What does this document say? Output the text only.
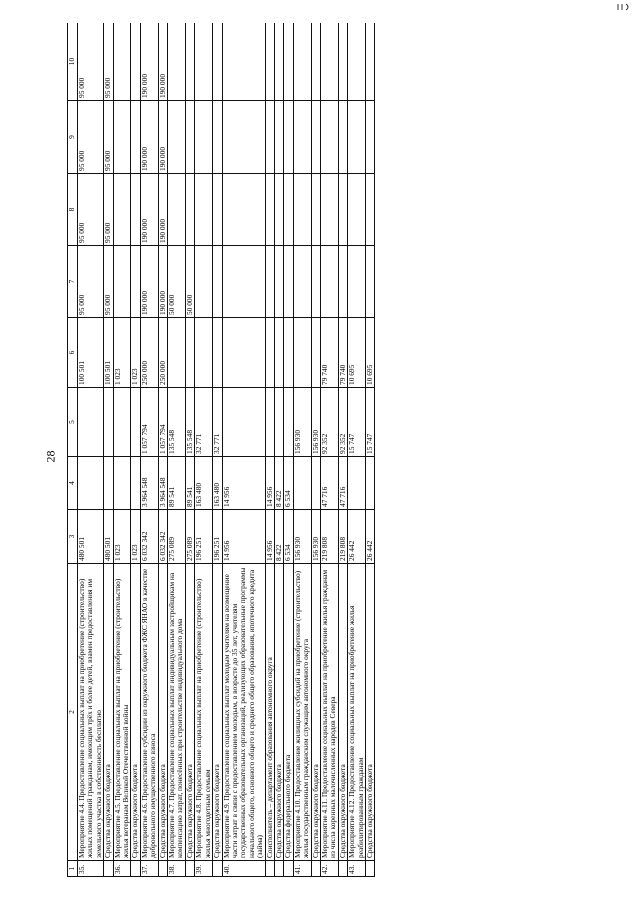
28
1	2	3	4	5	6	7	8	9	10
35.	Мероприятие 4.4. Предоставление социальных выплат на приобретение (строительство) жилых помещений гражданам, имеющим трёх и более детей, взамен предоставления им земельного участка в собственность бесплатно	480 501			100 501	95 000	95 000	95 000	95 000
	Средства окружного бюджета	480 501			100 501	95 000	95 000	95 000	95 000
36.	Мероприятие 4.5. Предоставление социальных выплат на приобретение (строительство) жилья ветеранам Великой Отечественной войны	1 023			1 023				
	Средства окружного бюджета	1 023			1 023				
37.	Мероприятие 4.6. Предоставление субсидии из окружного бюджета ФЖС ЯНАО в качестве добровольного имущественного взноса	6 032 342	3 964 548	1 057 794	250 000	190 000	190 000	190 000	190 000
	Средства окружного бюджета	6 032 342	3 964 548	1 057 794	250 000	190 000	190 000	190 000	190 000
38.	Мероприятие 4.7. Предоставление социальных выплат индивидуальным застройщикам на компенсацию затрат, понесённых при строительстве индивидуального дома	275 089	89 541	135 548		50 000			
	Средства окружного бюджета	275 089	89 541	135 548		50 000			
39.	Мероприятие 4.8. Предоставление социальных выплат на приобретение (строительство) жилья многодетным семьям	196 251	163 480	32 771					
	Средства окружного бюджета	196 251	163 480	32 771					
40.	Мероприятие 4.9. Предоставление социальных выплат молодым учителям на возмещение части затрат в связи с предоставлением молодым, в возрасте до 35 лет, учителям государственных образовательных организаций, реализующих образовательные программы начального общего, основного общего и среднего общего образования, ипотечного кредита (займа)	14 956	14 956						
	Соисполнитель – департамент образования автономного округа	14 956	14 956						
	Средства окружного бюджета	8 422	8 422						
	Средства федерального бюджета	6 534	6 534						
41.	Мероприятие 4.10. Предоставление жилищных субсидий на приобретение (строительство) жилья государственным гражданским служащим автономного округа	156 930		156 930					
	Средства окружного бюджета	156 930		156 930					
42.	Мероприятие 4.11. Предоставление социальных выплат на приобретение жилья гражданам из числа коренных малочисленных народов Севера	219 808	47 716	92 352	79 740				
	Средства окружного бюджета	219 808	47 716	92 352	79 740				
43.	Мероприятие 4.12. Предоставление социальных выплат на приобретение жилья реабилитированным гражданам	26 442		15 747	10 695				
	Средства окружного бюджета	26 442		15 747	10 695				
